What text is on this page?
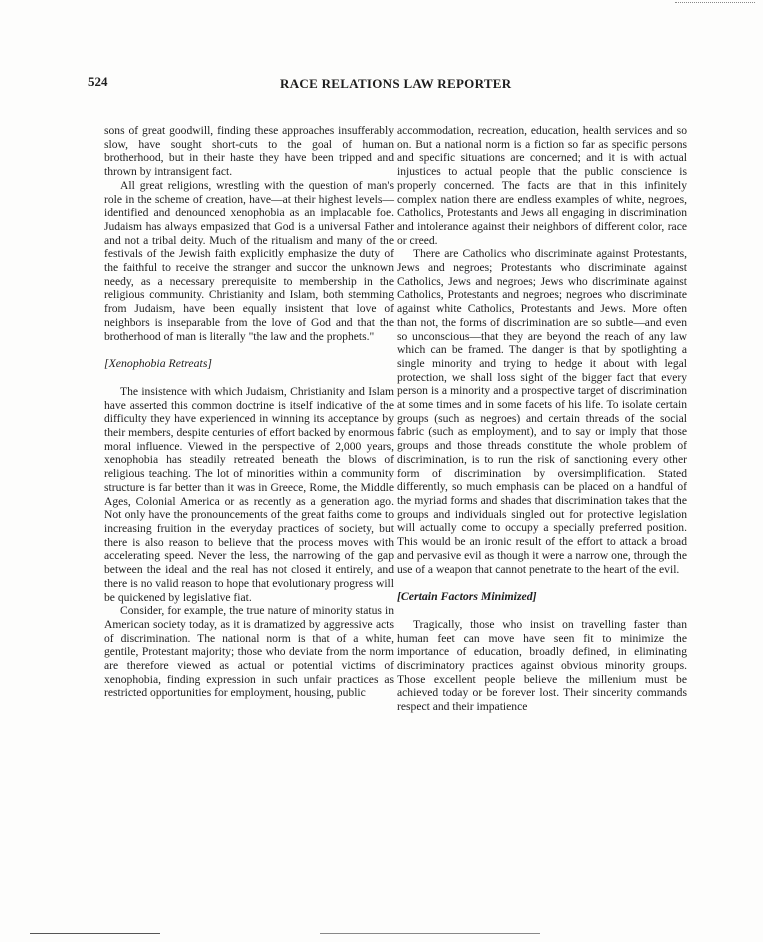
524	RACE RELATIONS LAW REPORTER

sons of great goodwill, finding these approaches insufferably slow, have sought short-cuts to the goal of human brotherhood, but in their haste they have been tripped and thrown by intransigent fact.

All great religions, wrestling with the question of man's role in the scheme of creation, have—at their highest levels—identified and denounced xenophobia as an implacable foe. Judaism has always empasized that God is a universal Father and not a tribal deity. Much of the ritualism and many of the festivals of the Jewish faith explicitly emphasize the duty of the faithful to receive the stranger and succor the unknown needy, as a necessary prerequisite to membership in the religious community. Christianity and Islam, both stemming from Judaism, have been equally insistent that love of neighbors is inseparable from the love of God and that the brotherhood of man is literally "the law and the prophets."

[Xenophobia Retreats]

The insistence with which Judaism, Christianity and Islam have asserted this common doctrine is itself indicative of the difficulty they have experienced in winning its acceptance by their members, despite centuries of effort backed by enormous moral influence. Viewed in the perspective of 2,000 years, xenophobia has steadily retreated beneath the blows of religious teaching. The lot of minorities within a community structure is far better than it was in Greece, Rome, the Middle Ages, Colonial America or as recently as a generation ago. Not only have the pronouncements of the great faiths come to increasing fruition in the everyday practices of society, but there is also reason to believe that the process moves with accelerating speed. Never the less, the narrowing of the gap between the ideal and the real has not closed it entirely, and there is no valid reason to hope that evolutionary progress will be quickened by legislative fiat.

Consider, for example, the true nature of minority status in American society today, as it is dramatized by aggressive acts of discrimination. The national norm is that of a white, gentile, Protestant majority; those who deviate from the norm are therefore viewed as actual or potential victims of xenophobia, finding expression in such unfair practices as restricted opportunities for employment, housing, public

accommodation, recreation, education, health services and so on. But a national norm is a fiction so far as specific persons and specific situations are concerned; and it is with actual injustices to actual people that the public conscience is properly concerned. The facts are that in this infinitely complex nation there are endless examples of white, negroes, Catholics, Protestants and Jews all engaging in discrimination and intolerance against their neighbors of different color, race or creed.

There are Catholics who discriminate against Protestants, Jews and negroes; Protestants who discriminate against Catholics, Jews and negroes; Jews who discriminate against Catholics, Protestants and negroes; negroes who discriminate against white Catholics, Protestants and Jews. More often than not, the forms of discrimination are so subtle—and even so unconscious—that they are beyond the reach of any law which can be framed. The danger is that by spotlighting a single minority and trying to hedge it about with legal protection, we shall loss sight of the bigger fact that every person is a minority and a prospective target of discrimination at some times and in some facets of his life. To isolate certain groups (such as negroes) and certain threads of the social fabric (such as employment), and to say or imply that those groups and those threads constitute the whole problem of discrimination, is to run the risk of sanctioning every other form of discrimination by oversimplification. Stated differently, so much emphasis can be placed on a handful of the myriad forms and shades that discrimination takes that the groups and individuals singled out for protective legislation will actually come to occupy a specially preferred position. This would be an ironic result of the effort to attack a broad and pervasive evil as though it were a narrow one, through the use of a weapon that cannot penetrate to the heart of the evil.

[Certain Factors Minimized]

Tragically, those who insist on travelling faster than human feet can move have seen fit to minimize the importance of education, broadly defined, in eliminating discriminatory practices against obvious minority groups. Those excellent people believe the millenium must be achieved today or be forever lost. Their sincerity commands respect and their impatience
